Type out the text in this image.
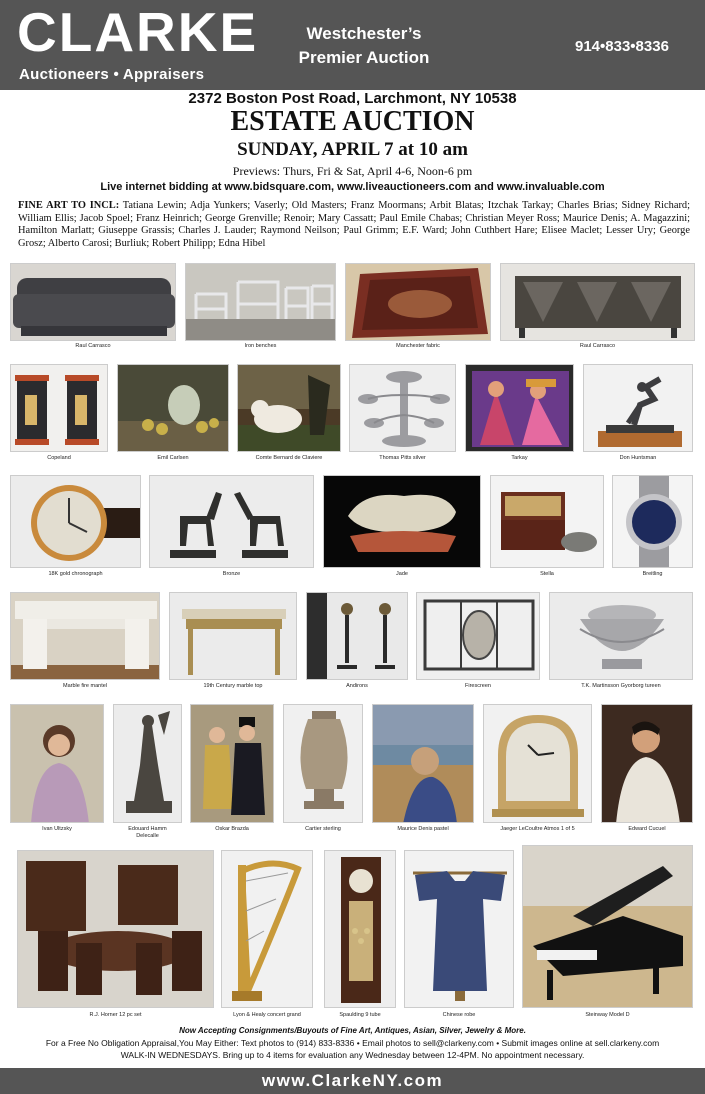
CLARKE
Auctioneers • Appraisers
Westchester’s
Premier Auction
914•833•8336
2372 Boston Post Road, Larchmont, NY 10538
ESTATE AUCTION
SUNDAY, APRIL 7 at 10 am
Previews: Thurs, Fri & Sat, April 4-6, Noon-6 pm
Live internet bidding at www.bidsquare.com, www.liveauctioneers.com and www.invaluable.com
FINE ART TO INCL: Tatiana Lewin; Adja Yunkers; Vaserly; Old Masters; Franz Moormans; Arbit Blatas; Itzchak Tarkay; Charles Brias; Sidney Richard; William Ellis; Jacob Spoel; Franz Heinrich; George Grenville; Renoir; Mary Cassatt; Paul Emile Chabas; Christian Meyer Ross; Maurice Denis; A. Magazzini; Hamilton Marlatt; Giuseppe Grassis; Charles J. Lauder; Raymond Neilson; Paul Grimm; E.F. Ward; John Cuthbert Hare; Elisee Maclet; Lesser Ury; George Grosz; Alberto Carosi; Burliuk; Robert Philipp; Edna Hibel
Raul Carrasco	Iron benches	Manchester fabric	Raul Carrasco
Copeland	Emil Carlsen	Comte Bernard de Claviere	Thomas Pitts silver	Tarkay	Don Huntsman
18K gold chronograph	Bronze	Jade	Stella	Breitling
Marble fire mantel	19th Century marble top	Andirons	Firescreen	T.K. Martinsson Gyorborg tureen
Ivan Ultzsky	Edouard Hamm
Delecalle
Oskar Brazda	Cartier sterling	Maurice Denis pastel	Jaeger LeCoultre Atmos 1 of 5	Edward Cucuel
R.J. Horner 12 pc set	Lyon & Healy concert grand	Spaulding 9 tube	Chinese robe	Steinway Model D
Now Accepting Consignments/Buyouts of Fine Art, Antiques, Asian, Silver, Jewelry & More.
For a Free No Obligation Appraisal,You May Either: Text photos to (914) 833-8336 • Email photos to sell@clarkeny.com • Submit images online at sell.clarkeny.com
WALK-IN WEDNESDAYS. Bring up to 4 items for evaluation any Wednesday between 12-4PM. No appointment necessary.
www.ClarkeNY.com
